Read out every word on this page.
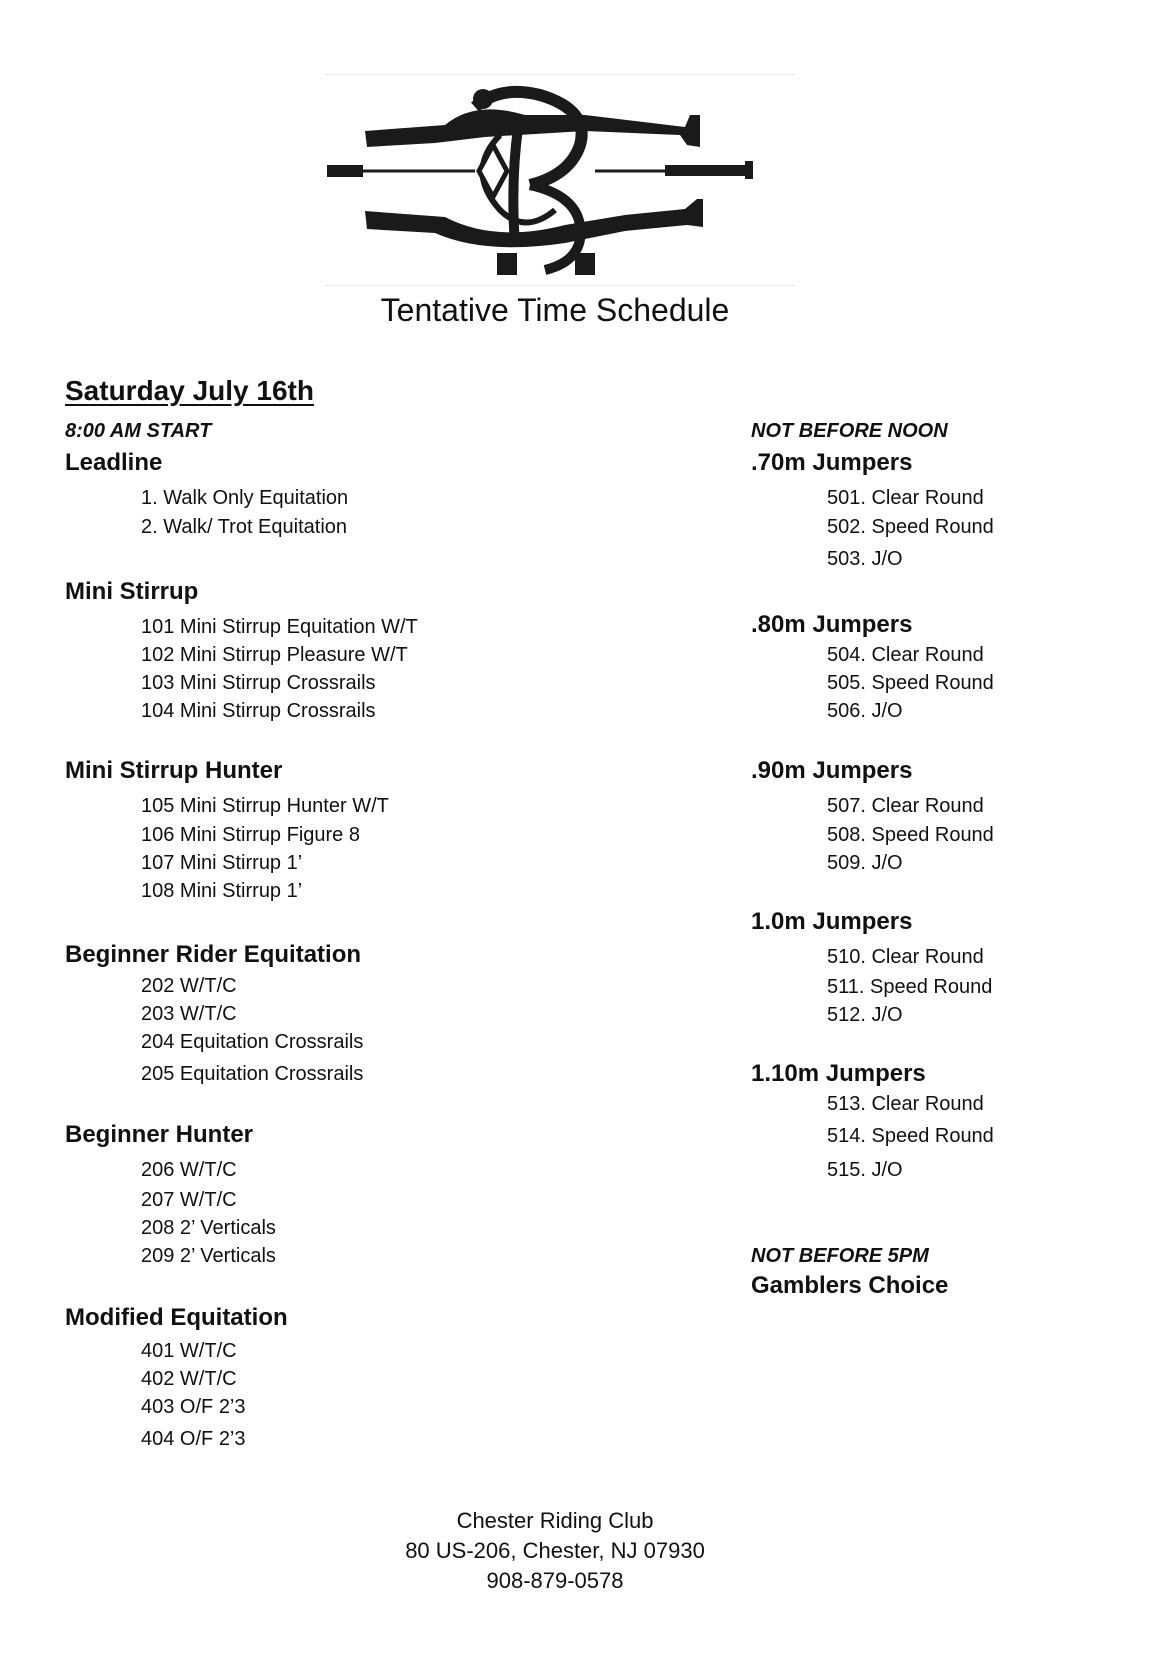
Tentative Time Schedule
Saturday July 16th
8:00 AM START
Leadline
1. Walk Only Equitation
2. Walk/ Trot Equitation
Mini Stirrup
101 Mini Stirrup Equitation W/T
102 Mini Stirrup Pleasure W/T
103 Mini Stirrup Crossrails
104 Mini Stirrup Crossrails
Mini Stirrup Hunter
105 Mini Stirrup Hunter W/T
106 Mini Stirrup Figure 8
107 Mini Stirrup 1’
108 Mini Stirrup 1’
Beginner Rider Equitation
202 W/T/C
203 W/T/C
204 Equitation Crossrails
205 Equitation Crossrails
Beginner Hunter
206 W/T/C
207 W/T/C
208 2’ Verticals
209 2’ Verticals
Modified Equitation
401 W/T/C
402 W/T/C
403 O/F 2’3
404 O/F 2’3
NOT BEFORE NOON
.70m Jumpers
501. Clear Round
502. Speed Round
503. J/O
.80m Jumpers
504. Clear Round
505. Speed Round
506. J/O
.90m Jumpers
507. Clear Round
508. Speed Round
509. J/O
1.0m Jumpers
510. Clear Round
511. Speed Round
512. J/O
1.10m Jumpers
513. Clear Round
514. Speed Round
515. J/O
NOT BEFORE 5PM
Gamblers Choice
Chester Riding Club
80 US-206, Chester, NJ 07930
908-879-0578
